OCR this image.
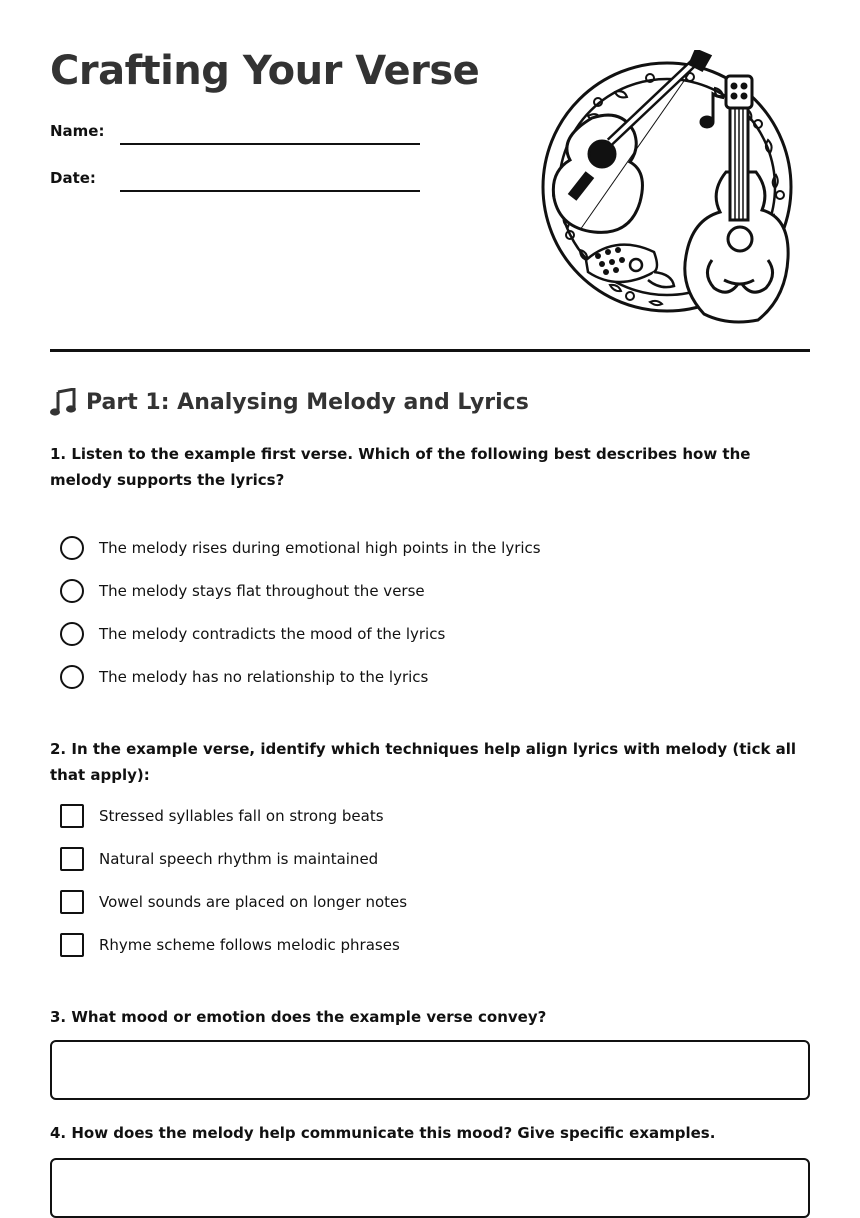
Crafting Your Verse
Name:
Date:
Part 1: Analysing Melody and Lyrics

1. Listen to the example first verse. Which of the following best describes how the melody supports the lyrics?

The melody rises during emotional high points in the lyrics
The melody stays flat throughout the verse
The melody contradicts the mood of the lyrics
The melody has no relationship to the lyrics

2. In the example verse, identify which techniques help align lyrics with melody (tick all that apply):

Stressed syllables fall on strong beats
Natural speech rhythm is maintained
Vowel sounds are placed on longer notes
Rhyme scheme follows melodic phrases

3. What mood or emotion does the example verse convey?

4. How does the melody help communicate this mood? Give specific examples.
